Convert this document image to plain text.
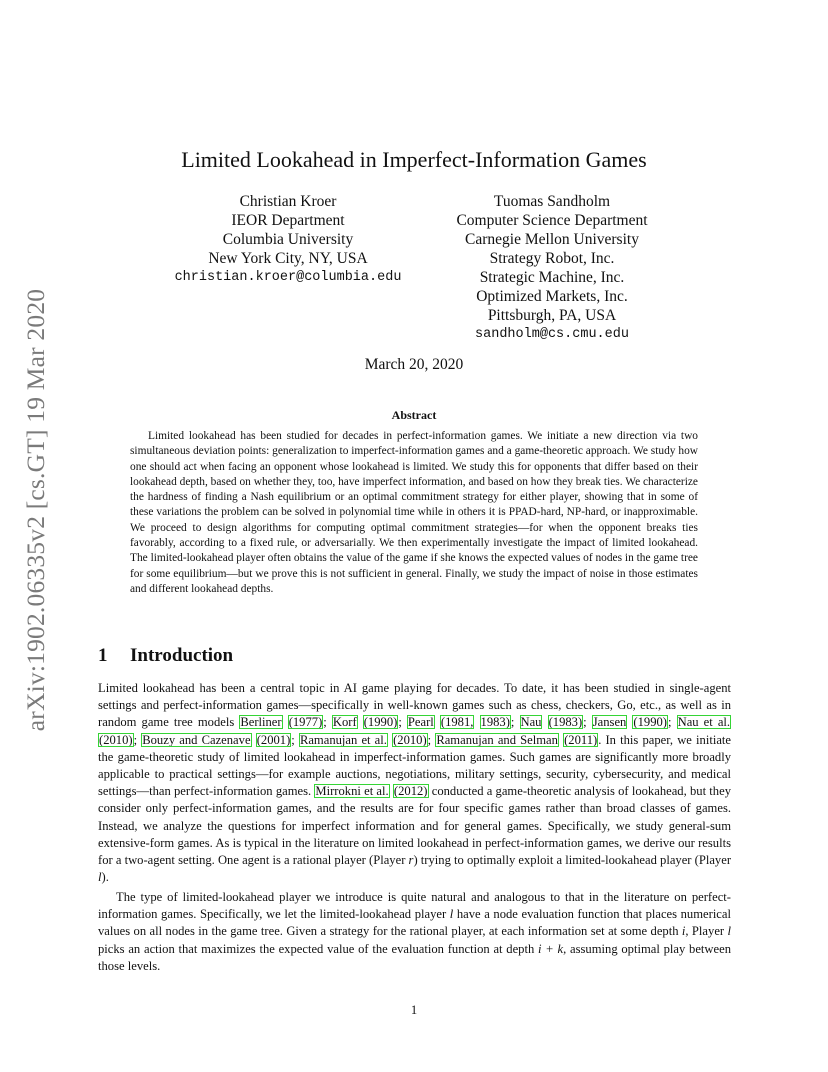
arXiv:1902.06335v2 [cs.GT] 19 Mar 2020
Limited Lookahead in Imperfect-Information Games
Christian Kroer
IEOR Department
Columbia University
New York City, NY, USA
christian.kroer@columbia.edu
Tuomas Sandholm
Computer Science Department
Carnegie Mellon University
Strategy Robot, Inc.
Strategic Machine, Inc.
Optimized Markets, Inc.
Pittsburgh, PA, USA
sandholm@cs.cmu.edu
March 20, 2020
Abstract

Limited lookahead has been studied for decades in perfect-information games. We initiate a new direction via two simultaneous deviation points: generalization to imperfect-information games and a game-theoretic approach. We study how one should act when facing an opponent whose lookahead is limited. We study this for opponents that differ based on their lookahead depth, based on whether they, too, have imperfect information, and based on how they break ties. We characterize the hardness of finding a Nash equilibrium or an optimal commitment strategy for either player, showing that in some of these variations the problem can be solved in polynomial time while in others it is PPAD-hard, NP-hard, or inapproximable. We proceed to design algorithms for computing optimal commitment strategies—for when the opponent breaks ties favorably, according to a fixed rule, or adversarially. We then experimentally investigate the impact of limited lookahead. The limited-lookahead player often obtains the value of the game if she knows the expected values of nodes in the game tree for some equilibrium—but we prove this is not sufficient in general. Finally, we study the impact of noise in those estimates and different lookahead depths.

1 Introduction

Limited lookahead has been a central topic in AI game playing for decades. To date, it has been studied in single-agent settings and perfect-information games—specifically in well-known games such as chess, checkers, Go, etc., as well as in random game tree models Berliner (1977); Korf (1990); Pearl (1981, 1983); Nau (1983); Jansen (1990); Nau et al. (2010); Bouzy and Cazenave (2001); Ramanujan et al. (2010); Ramanujan and Selman (2011). In this paper, we initiate the game-theoretic study of limited lookahead in imperfect-information games. Such games are significantly more broadly applicable to practical settings—for example auctions, negotiations, military settings, security, cybersecurity, and medical settings—than perfect-information games. Mirrokni et al. (2012) conducted a game-theoretic analysis of lookahead, but they consider only perfect-information games, and the results are for four specific games rather than broad classes of games. Instead, we analyze the questions for imperfect information and for general games. Specifically, we study general-sum extensive-form games. As is typical in the literature on limited lookahead in perfect-information games, we derive our results for a two-agent setting. One agent is a rational player (Player r) trying to optimally exploit a limited-lookahead player (Player l).

The type of limited-lookahead player we introduce is quite natural and analogous to that in the literature on perfect-information games. Specifically, we let the limited-lookahead player l have a node evaluation function that places numerical values on all nodes in the game tree. Given a strategy for the rational player, at each information set at some depth i, Player l picks an action that maximizes the expected value of the evaluation function at depth i + k, assuming optimal play between those levels.

1
